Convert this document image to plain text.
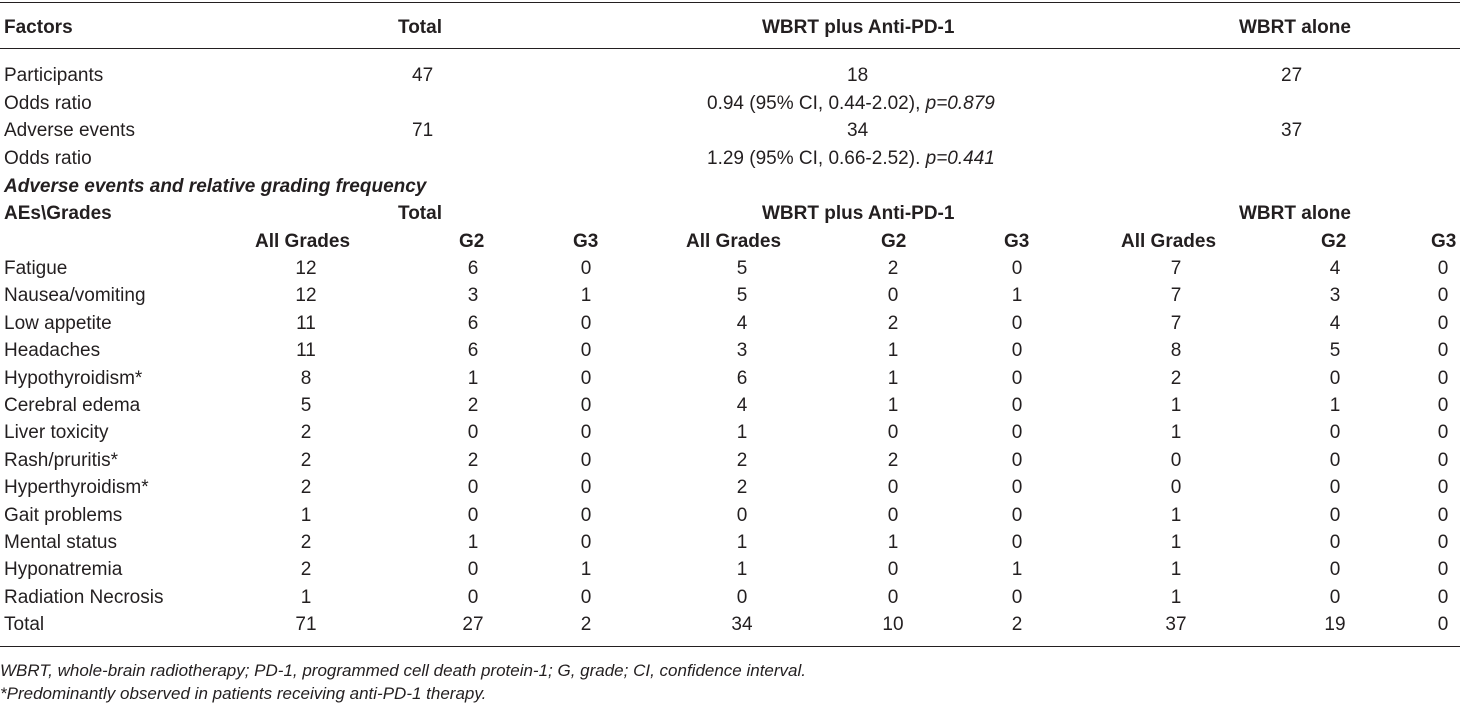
Factors	Total	WBRT plus Anti-PD-1	WBRT alone
Participants	47	18	27
Odds ratio	0.94 (95% CI, 0.44-2.02), p=0.879
Adverse events	71	34	37
Odds ratio	1.29 (95% CI, 0.66-2.52). p=0.441
Adverse events and relative grading frequency
AEs\Grades	Total	WBRT plus Anti-PD-1	WBRT alone
All Grades	G2	G3	All Grades	G2	G3	All Grades	G2	G3
Fatigue	12	6	0	5	2	0	7	4	0
Nausea/vomiting	12	3	1	5	0	1	7	3	0
Low appetite	11	6	0	4	2	0	7	4	0
Headaches	11	6	0	3	1	0	8	5	0
Hypothyroidism*	8	1	0	6	1	0	2	0	0
Cerebral edema	5	2	0	4	1	0	1	1	0
Liver toxicity	2	0	0	1	0	0	1	0	0
Rash/pruritis*	2	2	0	2	2	0	0	0	0
Hyperthyroidism*	2	0	0	2	0	0	0	0	0
Gait problems	1	0	0	0	0	0	1	0	0
Mental status	2	1	0	1	1	0	1	0	0
Hyponatremia	2	0	1	1	0	1	1	0	0
Radiation Necrosis	1	0	0	0	0	0	1	0	0
Total	71	27	2	34	10	2	37	19	0
WBRT, whole-brain radiotherapy; PD-1, programmed cell death protein-1; G, grade; CI, confidence interval.
*Predominantly observed in patients receiving anti-PD-1 therapy.
